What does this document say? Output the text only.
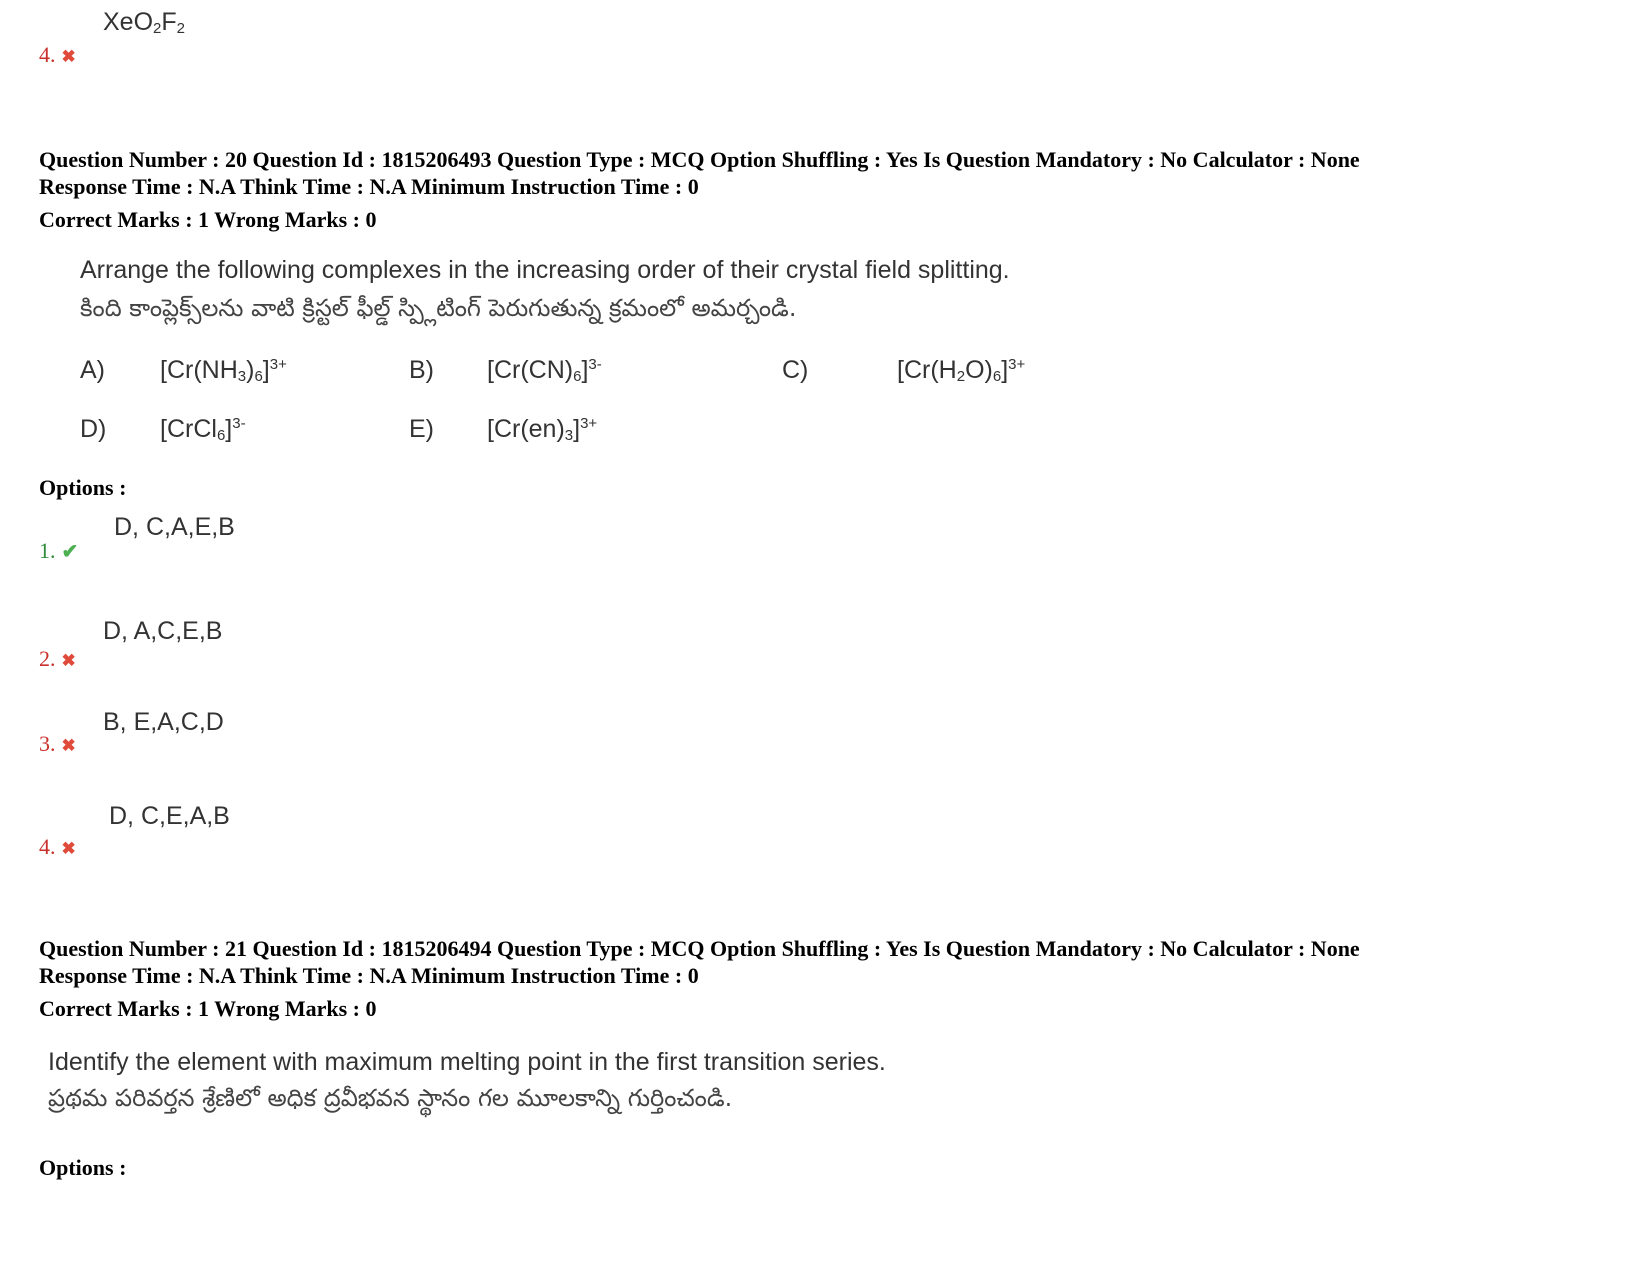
$XeO_2F_2$
4. ✖
Question Number : 20 Question Id : 1815206493 Question Type : MCQ Option Shuffling : Yes Is Question Mandatory : No Calculator : None
Response Time : N.A Think Time : N.A Minimum Instruction Time : 0
Correct Marks : 1 Wrong Marks : 0
Arrange the following complexes in the increasing order of their crystal field splitting.
కింది కాంప్లెక్స్‌లను వాటి క్రిస్టల్ ఫీల్డ్ స్ప్లిటింగ్ పెరుగుతున్న క్రమంలో అమర్చండి.
A) $[Cr(NH_3)_6]^{3+}$	B) $[Cr(CN)_6]^{3-}$	C)	$[Cr(H_2O)_6]^{3+}$
D) [CrCl$_6$]$^{3-}$	E) $[Cr(en)_3]^{3+}$
Options :
D, C,A,E,B
1. ✔
D, A,C,E,B
2. ✖
B, E,A,C,D
3. ✖
D, C,E,A,B
4. ✖
Question Number : 21 Question Id : 1815206494 Question Type : MCQ Option Shuffling : Yes Is Question Mandatory : No Calculator : None
Response Time : N.A Think Time : N.A Minimum Instruction Time : 0
Correct Marks : 1 Wrong Marks : 0
Identify the element with maximum melting point in the first transition series.
ప్రథమ పరివర్తన శ్రేణిలో అధిక ద్రవీభవన స్థానం గల మూలకాన్ని గుర్తించండి.
Options :
